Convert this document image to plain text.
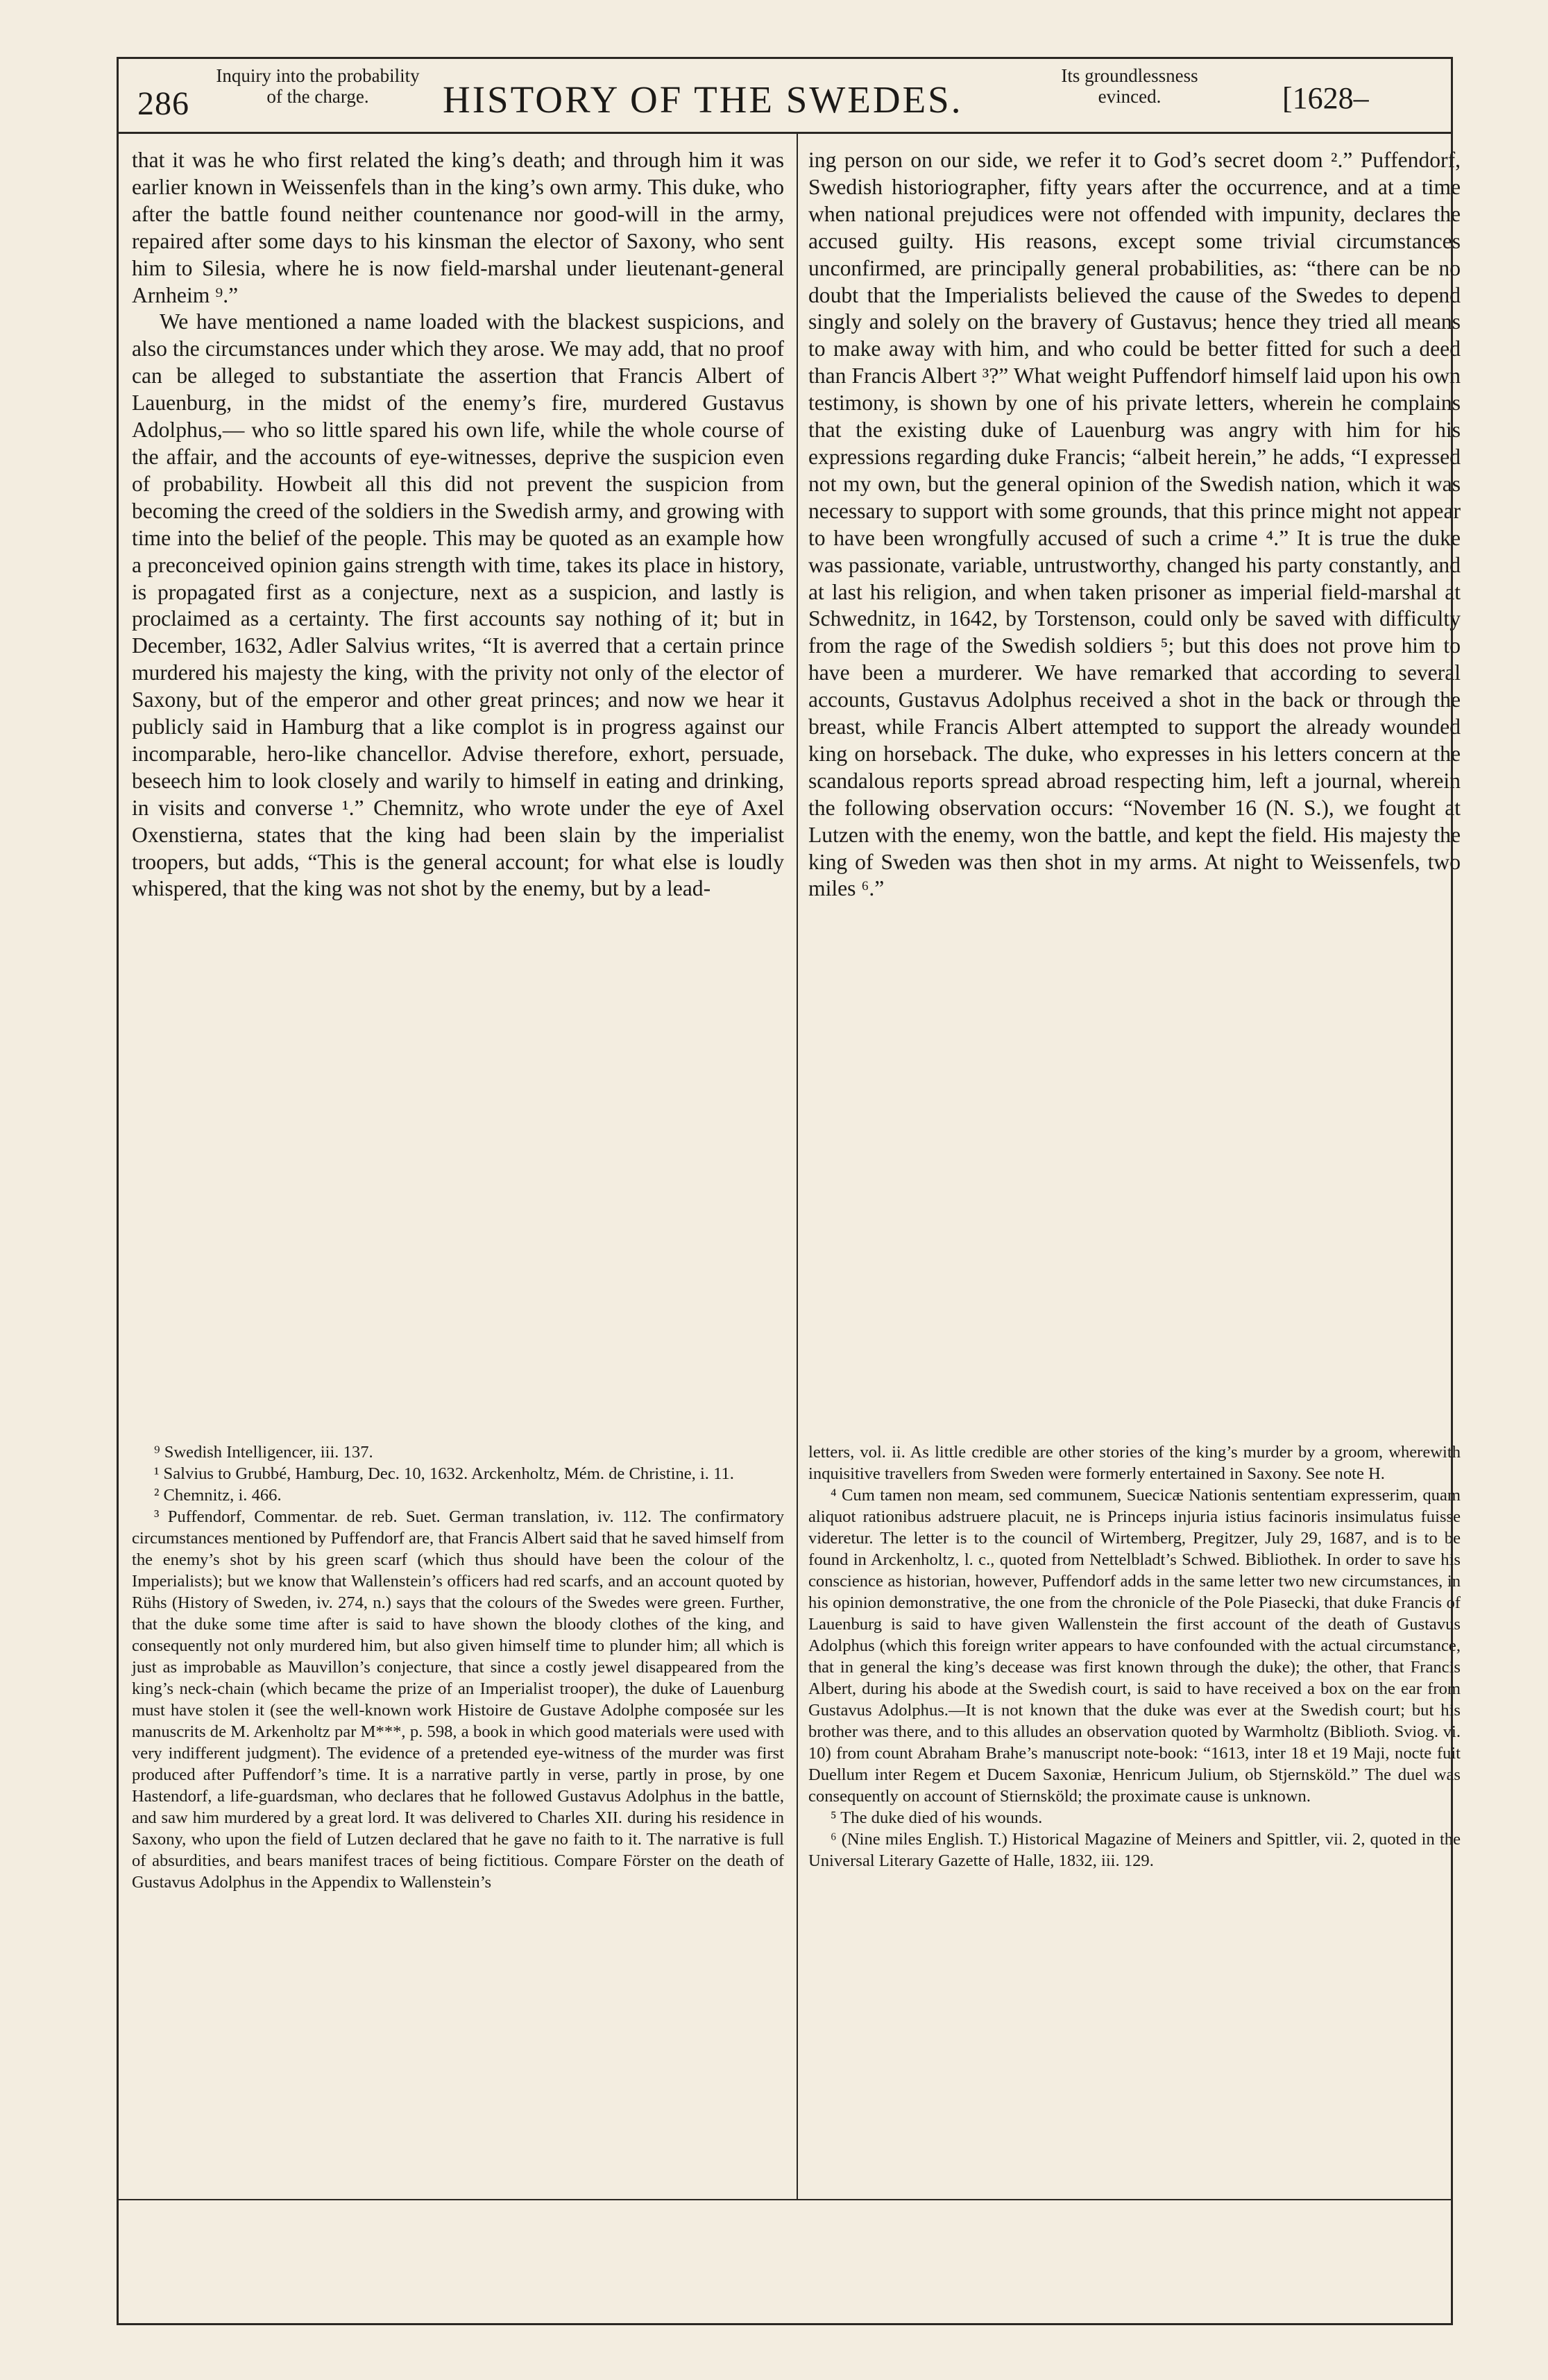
286
Inquiry into the probability
of the charge.	HISTORY OF THE SWEDES.
Its groundlessness
evinced.	[1628–

that it was he who first related the king’s death; and through him it was earlier known in Weissenfels than in the king’s own army. This duke, who after the battle found neither countenance nor good-will in the army, repaired after some days to his kinsman the elector of Saxony, who sent him to Silesia, where he is now field-marshal under lieutenant-general Arnheim ⁹.”

We have mentioned a name loaded with the blackest suspicions, and also the circumstances under which they arose. We may add, that no proof can be alleged to substantiate the assertion that Francis Albert of Lauenburg, in the midst of the enemy’s fire, murdered Gustavus Adolphus,— who so little spared his own life, while the whole course of the affair, and the accounts of eye-witnesses, deprive the suspicion even of probability. Howbeit all this did not prevent the suspicion from becoming the creed of the soldiers in the Swedish army, and growing with time into the belief of the people. This may be quoted as an example how a preconceived opinion gains strength with time, takes its place in history, is propagated first as a conjecture, next as a suspicion, and lastly is proclaimed as a certainty. The first accounts say nothing of it; but in December, 1632, Adler Salvius writes, “It is averred that a certain prince murdered his majesty the king, with the privity not only of the elector of Saxony, but of the emperor and other great princes; and now we hear it publicly said in Hamburg that a like complot is in progress against our incomparable, hero-like chancellor. Advise therefore, exhort, persuade, beseech him to look closely and warily to himself in eating and drinking, in visits and converse ¹.” Chemnitz, who wrote under the eye of Axel Oxenstierna, states that the king had been slain by the imperialist troopers, but adds, “This is the general account; for what else is loudly whispered, that the king was not shot by the enemy, but by a lead-

ing person on our side, we refer it to God’s secret doom ².” Puffendorf, Swedish historiographer, fifty years after the occurrence, and at a time when national prejudices were not offended with impunity, declares the accused guilty. His reasons, except some trivial circumstances unconfirmed, are principally general probabilities, as: “there can be no doubt that the Imperialists believed the cause of the Swedes to depend singly and solely on the bravery of Gustavus; hence they tried all means to make away with him, and who could be better fitted for such a deed than Francis Albert ³?” What weight Puffendorf himself laid upon his own testimony, is shown by one of his private letters, wherein he complains that the existing duke of Lauenburg was angry with him for his expressions regarding duke Francis; “albeit herein,” he adds, “I expressed not my own, but the general opinion of the Swedish nation, which it was necessary to support with some grounds, that this prince might not appear to have been wrongfully accused of such a crime ⁴.” It is true the duke was passionate, variable, untrustworthy, changed his party constantly, and at last his religion, and when taken prisoner as imperial field-marshal at Schwednitz, in 1642, by Torstenson, could only be saved with difficulty from the rage of the Swedish soldiers ⁵; but this does not prove him to have been a murderer. We have remarked that according to several accounts, Gustavus Adolphus received a shot in the back or through the breast, while Francis Albert attempted to support the already wounded king on horseback. The duke, who expresses in his letters concern at the scandalous reports spread abroad respecting him, left a journal, wherein the following observation occurs: “November 16 (N. S.), we fought at Lutzen with the enemy, won the battle, and kept the field. His majesty the king of Sweden was then shot in my arms. At night to Weissenfels, two miles ⁶.”

⁹ Swedish Intelligencer, iii. 137.

¹ Salvius to Grubbé, Hamburg, Dec. 10, 1632. Arckenholtz, Mém. de Christine, i. 11.

² Chemnitz, i. 466.

³ Puffendorf, Commentar. de reb. Suet. German translation, iv. 112. The confirmatory circumstances mentioned by Puffendorf are, that Francis Albert said that he saved himself from the enemy’s shot by his green scarf (which thus should have been the colour of the Imperialists); but we know that Wallenstein’s officers had red scarfs, and an account quoted by Rühs (History of Sweden, iv. 274, n.) says that the colours of the Swedes were green. Further, that the duke some time after is said to have shown the bloody clothes of the king, and consequently not only murdered him, but also given himself time to plunder him; all which is just as improbable as Mauvillon’s conjecture, that since a costly jewel disappeared from the king’s neck-chain (which became the prize of an Imperialist trooper), the duke of Lauenburg must have stolen it (see the well-known work Histoire de Gustave Adolphe composée sur les manuscrits de M. Arkenholtz par M***, p. 598, a book in which good materials were used with very indifferent judgment). The evidence of a pretended eye-witness of the murder was first produced after Puffendorf’s time. It is a narrative partly in verse, partly in prose, by one Hastendorf, a life-guardsman, who declares that he followed Gustavus Adolphus in the battle, and saw him murdered by a great lord. It was delivered to Charles XII. during his residence in Saxony, who upon the field of Lutzen declared that he gave no faith to it. The narrative is full of absurdities, and bears manifest traces of being fictitious. Compare Förster on the death of Gustavus Adolphus in the Appendix to Wallenstein’s

letters, vol. ii. As little credible are other stories of the king’s murder by a groom, wherewith inquisitive travellers from Sweden were formerly entertained in Saxony. See note H.

⁴ Cum tamen non meam, sed communem, Suecicæ Nationis sententiam expresserim, quam aliquot rationibus adstruere placuit, ne is Princeps injuria istius facinoris insimulatus fuisse videretur. The letter is to the council of Wirtemberg, Pregitzer, July 29, 1687, and is to be found in Arckenholtz, l. c., quoted from Nettelbladt’s Schwed. Bibliothek. In order to save his conscience as historian, however, Puffendorf adds in the same letter two new circumstances, in his opinion demonstrative, the one from the chronicle of the Pole Piasecki, that duke Francis of Lauenburg is said to have given Wallenstein the first account of the death of Gustavus Adolphus (which this foreign writer appears to have confounded with the actual circumstance, that in general the king’s decease was first known through the duke); the other, that Francis Albert, during his abode at the Swedish court, is said to have received a box on the ear from Gustavus Adolphus.—It is not known that the duke was ever at the Swedish court; but his brother was there, and to this alludes an observation quoted by Warmholtz (Biblioth. Sviog. vi. 10) from count Abraham Brahe’s manuscript note-book: “1613, inter 18 et 19 Maji, nocte fuit Duellum inter Regem et Ducem Saxoniæ, Henricum Julium, ob Stjernsköld.” The duel was consequently on account of Stiernsköld; the proximate cause is unknown.

⁵ The duke died of his wounds.

⁶ (Nine miles English. T.) Historical Magazine of Meiners and Spittler, vii. 2, quoted in the Universal Literary Gazette of Halle, 1832, iii. 129.
